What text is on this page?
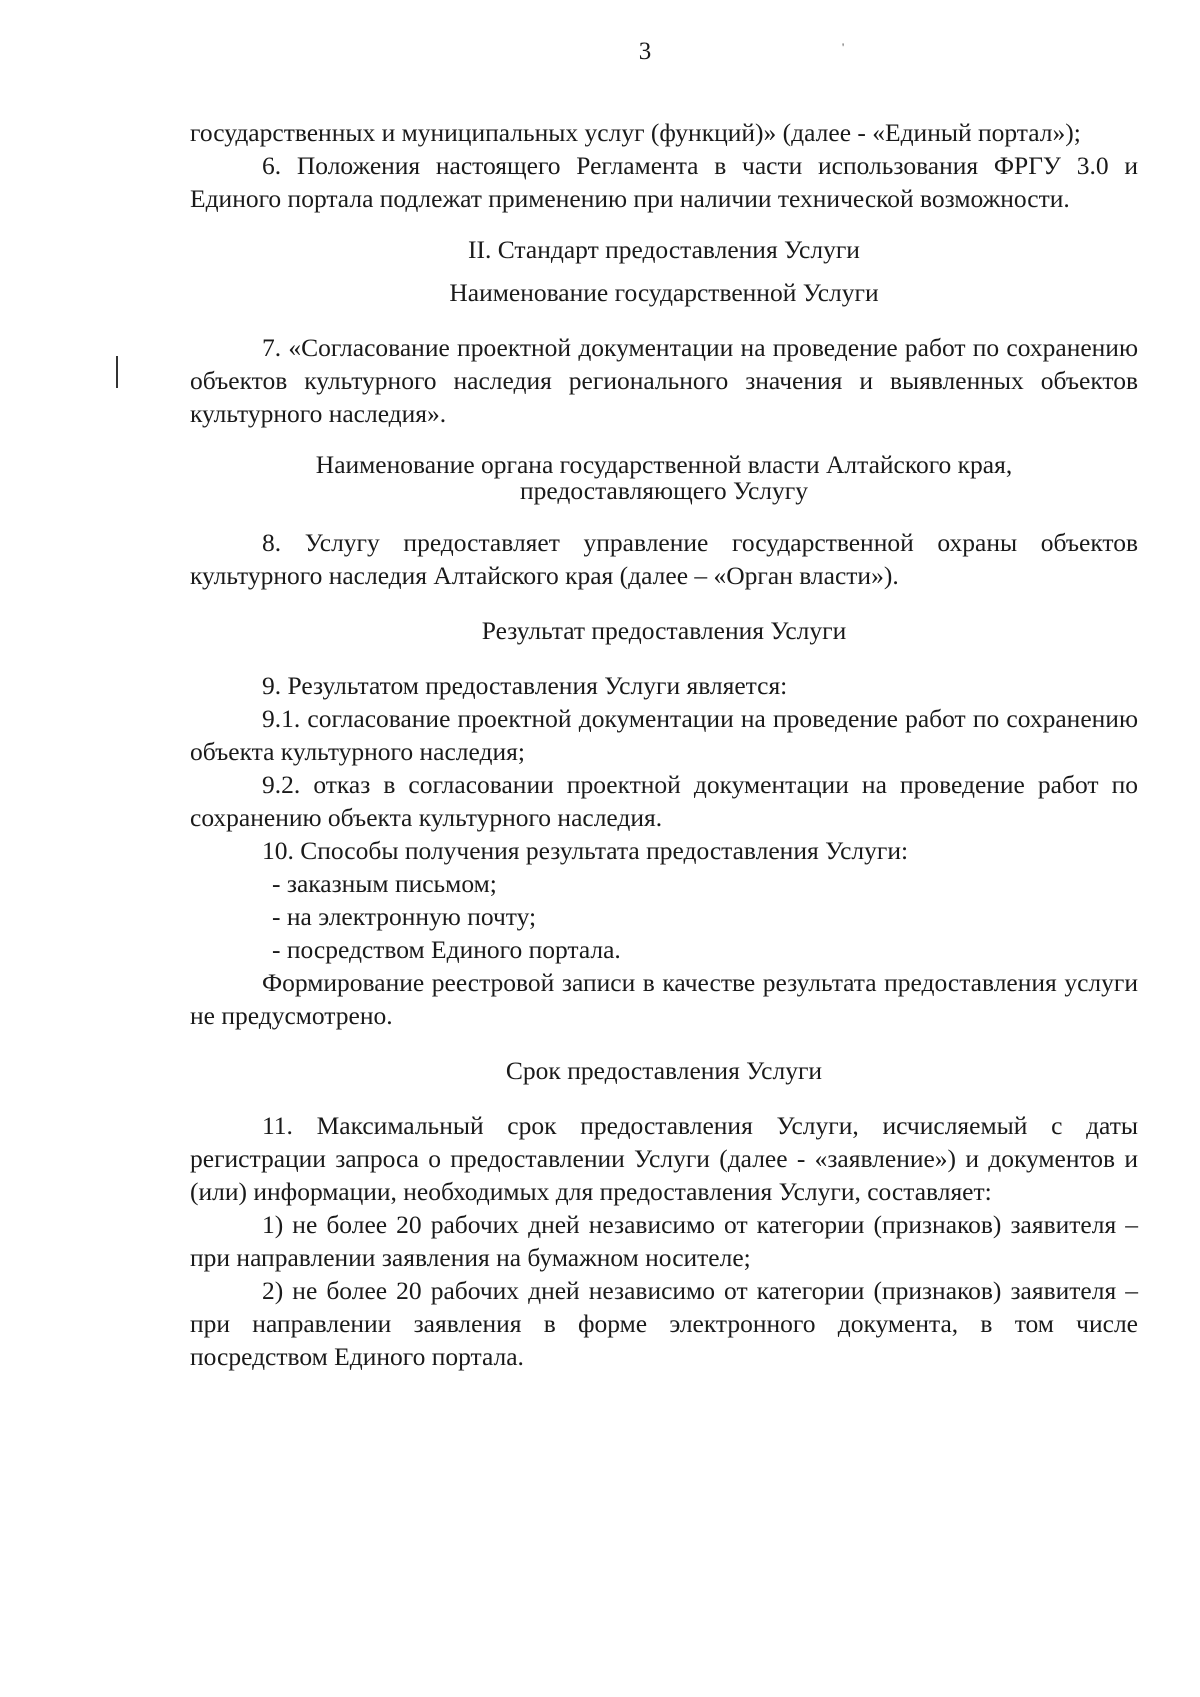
3	'

государственных и муниципальных услуг (функций)» (далее - «Единый портал»);

6. Положения настоящего Регламента в части использования ФРГУ 3.0 и Единого портала подлежат применению при наличии технической возможности.

II. Стандарт предоставления Услуги

Наименование государственной Услуги

7. «Согласование проектной документации на проведение работ по сохранению объектов культурного наследия регионального значения и выявленных объектов культурного наследия».

Наименование органа государственной власти Алтайского края,

предоставляющего Услугу

8. Услугу предоставляет управление государственной охраны объектов культурного наследия Алтайского края (далее – «Орган власти»).

Результат предоставления Услуги

9. Результатом предоставления Услуги является:

9.1. согласование проектной документации на проведение работ по сохранению объекта культурного наследия;

9.2. отказ в согласовании проектной документации на проведение работ по сохранению объекта культурного наследия.

10. Способы получения результата предоставления Услуги:

- заказным письмом;

- на электронную почту;

- посредством Единого портала.

Формирование реестровой записи в качестве результата предоставления услуги не предусмотрено.

Срок предоставления Услуги

11. Максимальный срок предоставления Услуги, исчисляемый с даты регистрации запроса о предоставлении Услуги (далее - «заявление») и документов и (или) информации, необходимых для предоставления Услуги, составляет:

1) не более 20 рабочих дней независимо от категории (признаков) заявителя – при направлении заявления на бумажном носителе;

2) не более 20 рабочих дней независимо от категории (признаков) заявителя – при направлении заявления в форме электронного документа, в том числе посредством Единого портала.
